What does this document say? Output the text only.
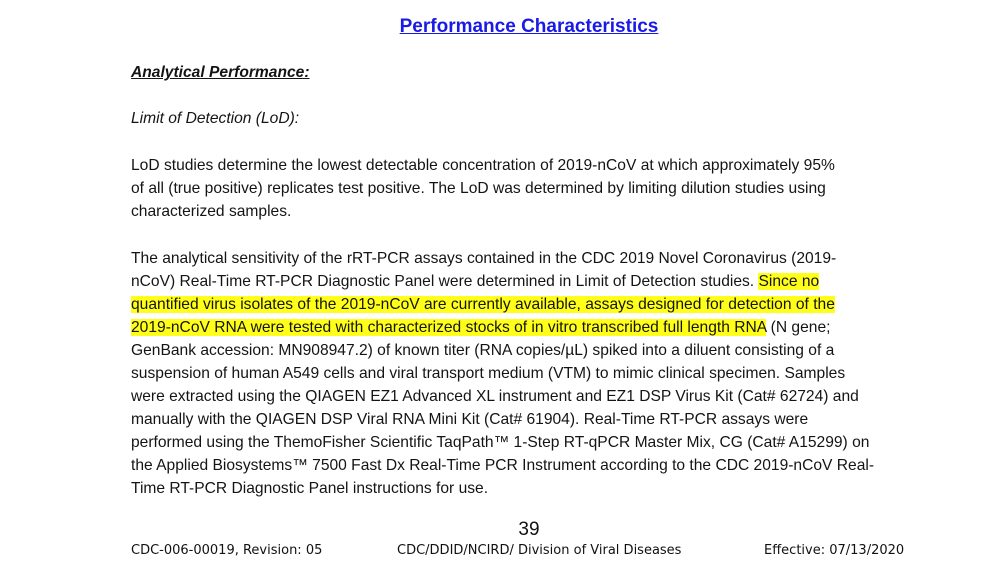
Performance Characteristics

Analytical Performance:

Limit of Detection (LoD):

LoD studies determine the lowest detectable concentration of 2019-nCoV at which approximately 95%
of all (true positive) replicates test positive. The LoD was determined by limiting dilution studies using
characterized samples.

The analytical sensitivity of the rRT-PCR assays contained in the CDC 2019 Novel Coronavirus (2019-
nCoV) Real-Time RT-PCR Diagnostic Panel were determined in Limit of Detection studies. Since no
quantified virus isolates of the 2019-nCoV are currently available, assays designed for detection of the
2019-nCoV RNA were tested with characterized stocks of in vitro transcribed full length RNA (N gene;
GenBank accession: MN908947.2) of known titer (RNA copies/µL) spiked into a diluent consisting of a
suspension of human A549 cells and viral transport medium (VTM) to mimic clinical specimen. Samples
were extracted using the QIAGEN EZ1 Advanced XL instrument and EZ1 DSP Virus Kit (Cat# 62724) and
manually with the QIAGEN DSP Viral RNA Mini Kit (Cat# 61904). Real-Time RT-PCR assays were
performed using the ThemoFisher Scientific TaqPath™ 1-Step RT-qPCR Master Mix, CG (Cat# A15299) on
the Applied Biosystems™ 7500 Fast Dx Real-Time PCR Instrument according to the CDC 2019-nCoV Real-
Time RT-PCR Diagnostic Panel instructions for use.

39
CDC-006-00019, Revision: 05	CDC/DDID/NCIRD/ Division of Viral Diseases	Effective: 07/13/2020
